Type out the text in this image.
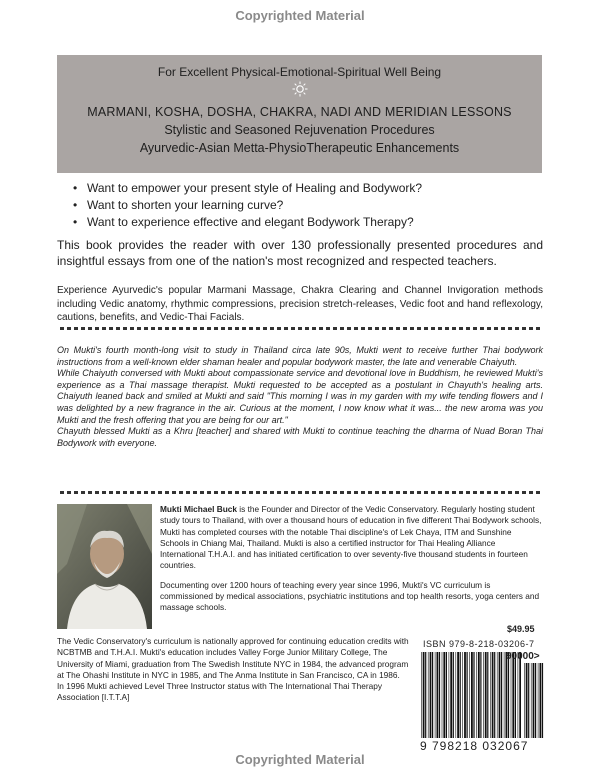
Copyrighted Material
For Excellent Physical-Emotional-Spiritual Well Being
MARMANI, KOSHA, DOSHA, CHAKRA, NADI AND MERIDIAN LESSONS
Stylistic and Seasoned Rejuvenation Procedures
Ayurvedic-Asian Metta-PhysioTherapeutic Enhancements
• Want to empower your present style of Healing and Bodywork?
• Want to shorten your learning curve?
• Want to experience effective and elegant Bodywork Therapy?

This book provides the reader with over 130 professionally presented procedures and insightful essays from one of the nation's most recognized and respected teachers.

Experience Ayurvedic's popular Marmani Massage, Chakra Clearing and Channel Invigoration methods including Vedic anatomy, rhythmic compressions, precision stretch-releases, Vedic foot and hand reflexology, cautions, benefits, and Vedic-Thai Facials.

On Mukti's fourth month-long visit to study in Thailand circa late 90s, Mukti went to receive further Thai bodywork instructions from a well-known elder shaman healer and popular bodywork master, the late and venerable Chaiyuth.

While Chaiyuth conversed with Mukti about compassionate service and devotional love in Buddhism, he reviewed Mukti's experience as a Thai massage therapist. Mukti requested to be accepted as a postulant in Chayuth's healing arts. Chaiyuth leaned back and smiled at Mukti and said "This morning I was in my garden with my wife tending flowers and I was delighted by a new fragrance in the air. Curious at the moment, I now know what it was... the new aroma was you Mukti and the fresh offering that you are being for our art."

Chayuth blessed Mukti as a Khru [teacher] and shared with Mukti to continue teaching the dharma of Nuad Boran Thai Bodywork with everyone.

Mukti Michael Buck is the Founder and Director of the Vedic Conservatory. Regularly hosting student study tours to Thailand, with over a thousand hours of education in five different Thai Bodywork schools, Mukti has completed courses with the notable Thai discipline's of Lek Chaya, ITM and Sunshine Schools in Chiang Mai, Thailand. Mukti is also a certified instructor for Thai Healing Alliance International T.H.A.I. and has initiated certification to over seventy-five thousand students in fourteen countries.

Documenting over 1200 hours of teaching every year since 1996, Mukti's VC curriculum is commissioned by medical associations, psychiatric institutions and top health resorts, yoga centers and massage schools.

The Vedic Conservatory's curriculum is nationally approved for continuing education credits with NCBTMB and T.H.A.I. Mukti's education includes Valley Forge Junior Military College, The University of Miami, graduation from The Swedish Institute NYC in 1984, the advanced program at The Ohashi Institute in NYC in 1985, and The Anma Institute in San Francisco, CA in 1986. In 1996 Mukti achieved Level Three Instructor status with The International Thai Therapy Association [I.T.T.A]

$49.95
ISBN 979-8-218-03206-7
90000>
9 798218 032067
Copyrighted Material
